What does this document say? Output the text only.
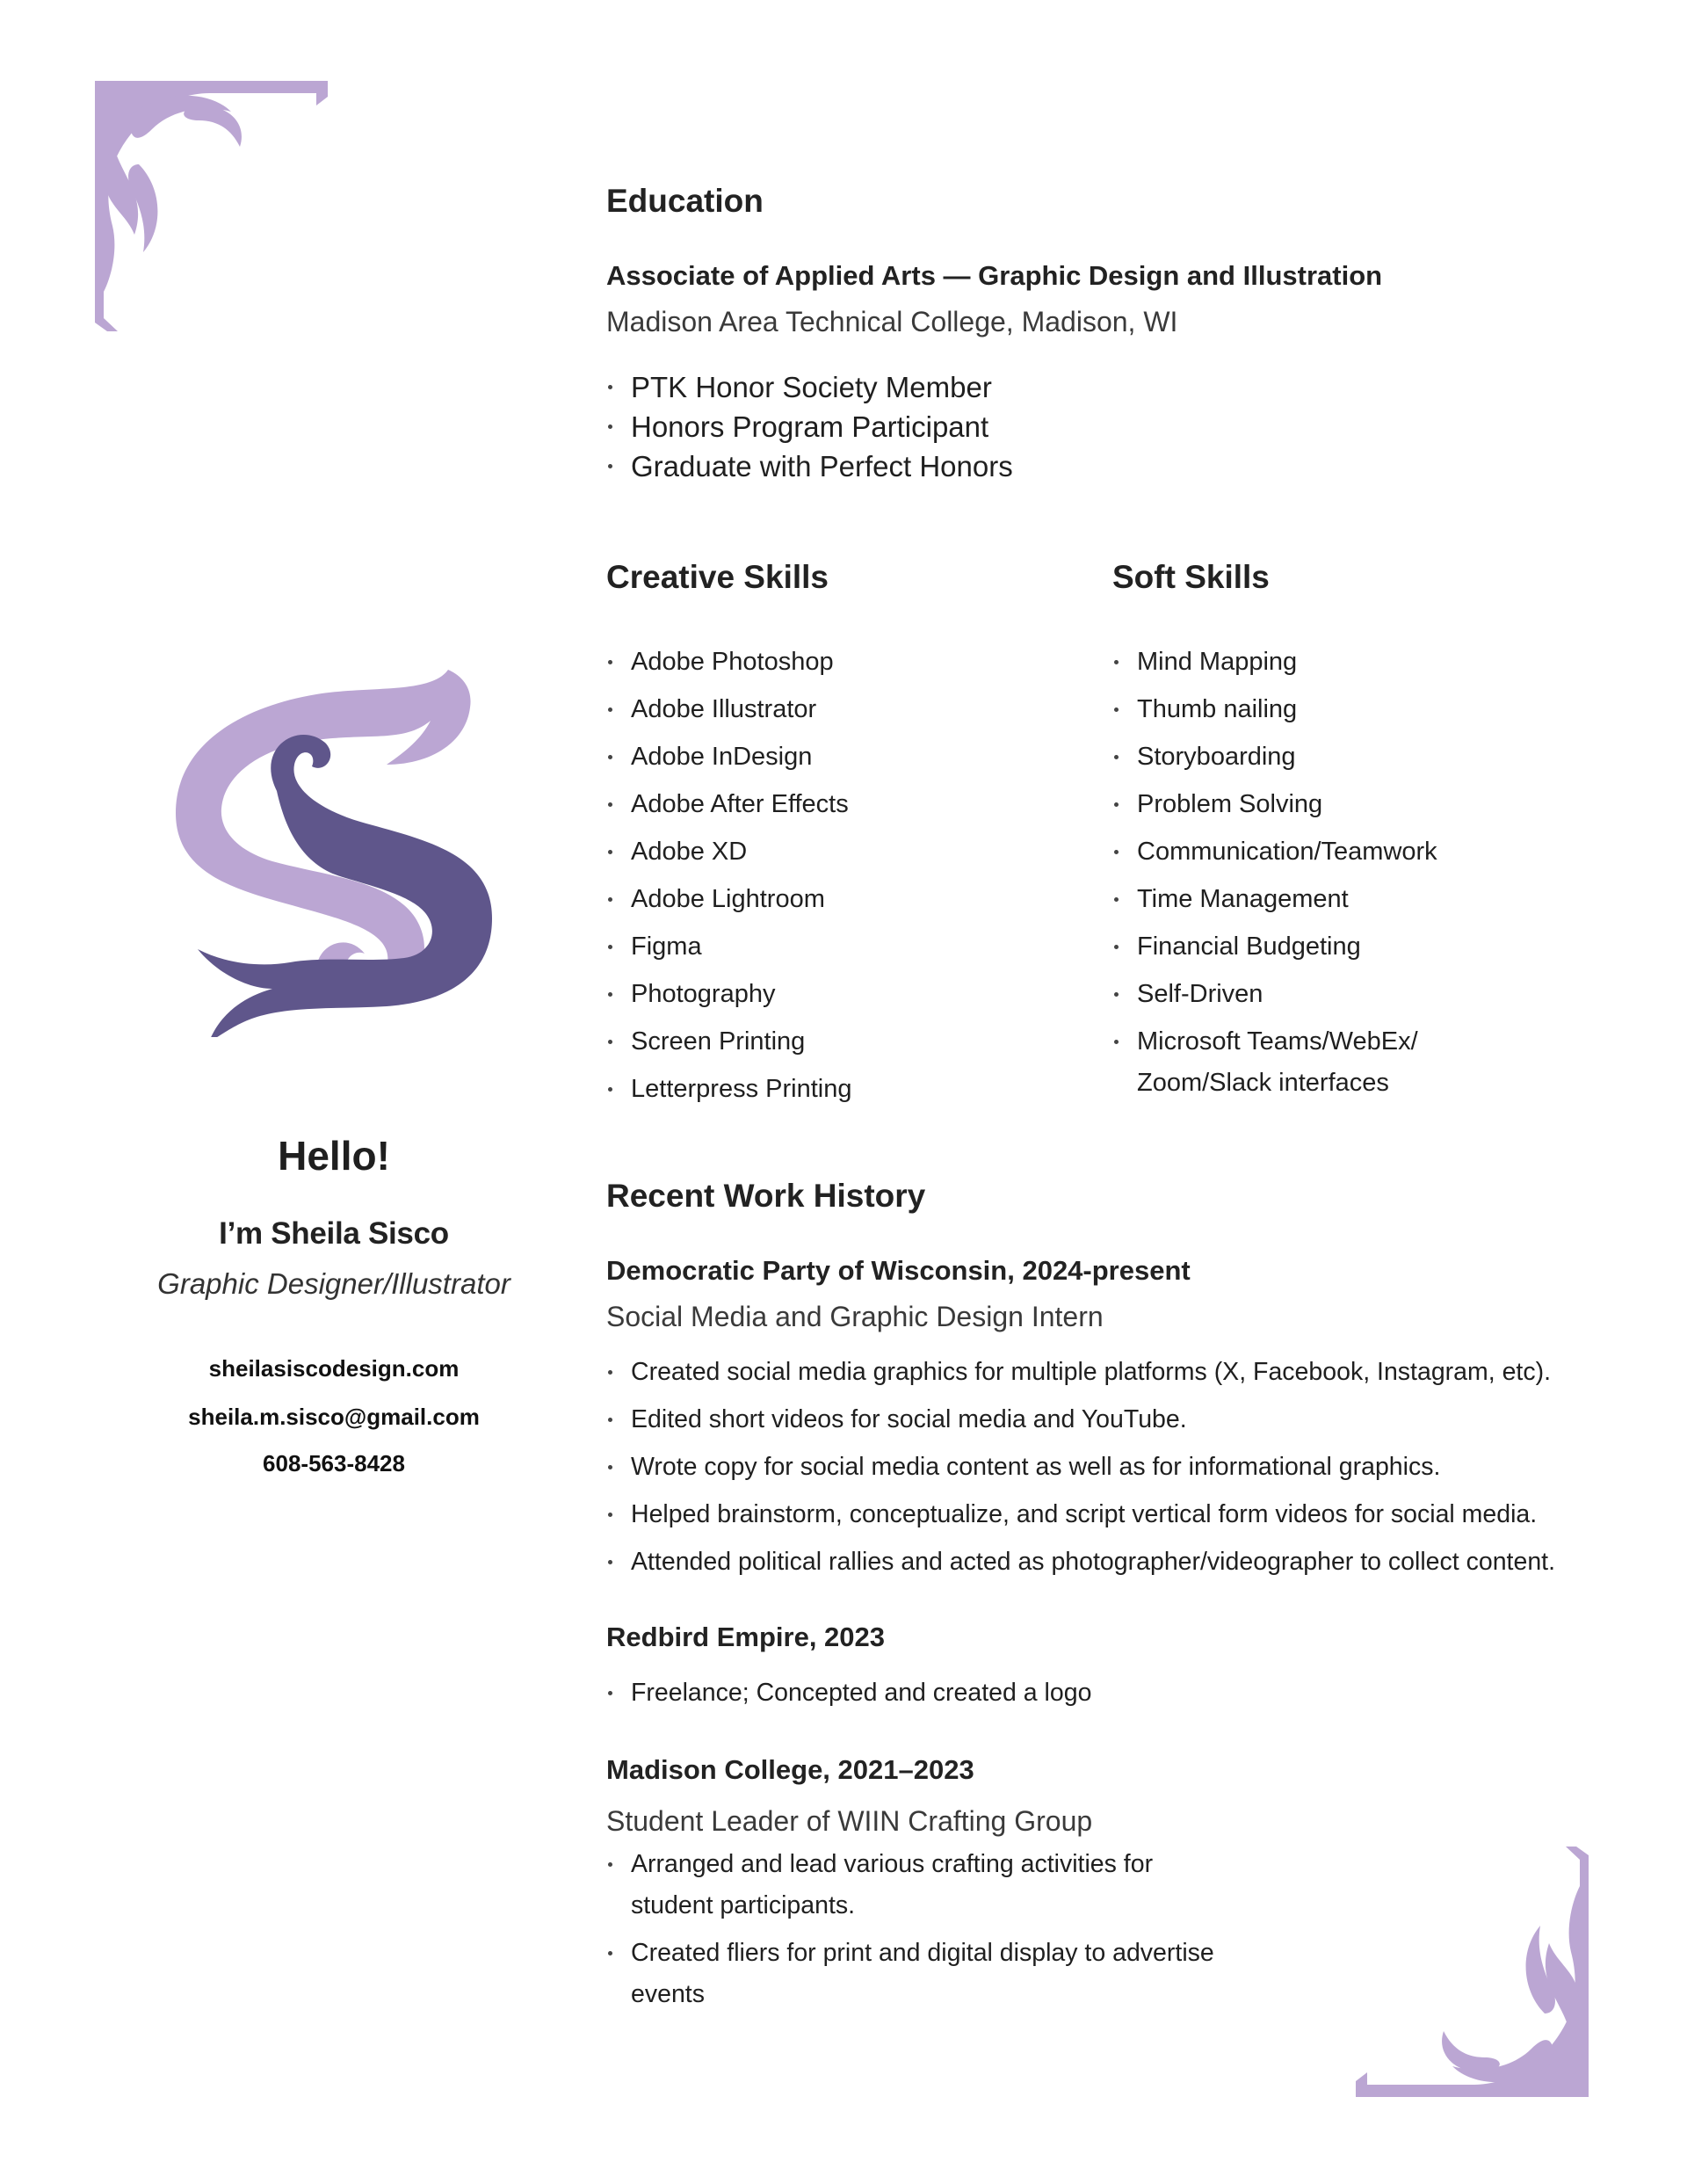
Hello!
I’m Sheila Sisco
Graphic Designer/Illustrator
sheilasiscodesign.com
sheila.m.sisco@gmail.com
608-563-8428
Education
Associate of Applied Arts — Graphic Design and Illustration
Madison Area Technical College, Madison, WI
PTK Honor Society Member
Honors Program Participant
Graduate with Perfect Honors
Creative Skills
Adobe Photoshop
Adobe Illustrator
Adobe InDesign
Adobe After Effects
Adobe XD
Adobe Lightroom
Figma
Photography
Screen Printing
Letterpress Printing
Soft Skills
Mind Mapping
Thumb nailing
Storyboarding
Problem Solving
Communication/Teamwork
Time Management
Financial Budgeting
Self-Driven
Microsoft Teams/WebEx/ Zoom/Slack interfaces
Recent Work History
Democratic Party of Wisconsin, 2024-present
Social Media and Graphic Design Intern
Created social media graphics for multiple platforms (X, Facebook, Instagram, etc).
Edited short videos for social media and YouTube.
Wrote copy for social media content as well as for informational graphics.
Helped brainstorm, conceptualize, and script vertical form videos for social media.
Attended political rallies and acted as photographer/videographer to collect content.
Redbird Empire, 2023
Freelance; Concepted and created a logo
Madison College, 2021–2023
Student Leader of WIIN Crafting Group
Arranged and lead various crafting activities for student participants.
Created fliers for print and digital display to advertise events
